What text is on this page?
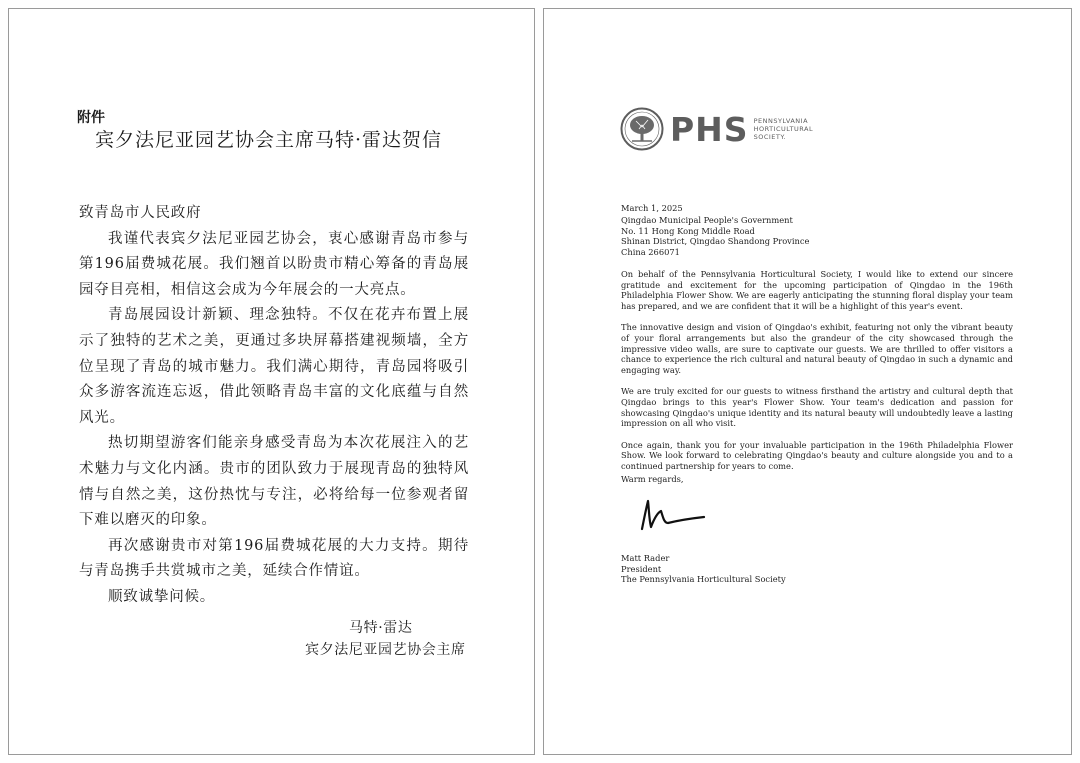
附件
宾夕法尼亚园艺协会主席马特·雷达贺信

致青岛市人民政府

我谨代表宾夕法尼亚园艺协会，衷心感谢青岛市参与第196届费城花展。我们翘首以盼贵市精心筹备的青岛展园夺目亮相，相信这会成为今年展会的一大亮点。

青岛展园设计新颖、理念独特。不仅在花卉布置上展示了独特的艺术之美，更通过多块屏幕搭建视频墙，全方位呈现了青岛的城市魅力。我们满心期待，青岛园将吸引众多游客流连忘返，借此领略青岛丰富的文化底蕴与自然风光。

热切期望游客们能亲身感受青岛为本次花展注入的艺术魅力与文化内涵。贵市的团队致力于展现青岛的独特风情与自然之美，这份热忱与专注，必将给每一位参观者留下难以磨灭的印象。

再次感谢贵市对第196届费城花展的大力支持。期待与青岛携手共赏城市之美，延续合作情谊。

顺致诚挚问候。

马特·雷达
宾夕法尼亚园艺协会主席
PHS PENNSYLVANIA
HORTICULTURAL
SOCIETY.
March 1, 2025
Qingdao Municipal People's Government
No. 11 Hong Kong Middle Road
Shinan District, Qingdao Shandong Province
China 266071

On behalf of the Pennsylvania Horticultural Society, I would like to extend our sincere gratitude and excitement for the upcoming participation of Qingdao in the 196th Philadelphia Flower Show. We are eagerly anticipating the stunning floral display your team has prepared, and we are confident that it will be a highlight of this year's event.

The innovative design and vision of Qingdao's exhibit, featuring not only the vibrant beauty of your floral arrangements but also the grandeur of the city showcased through the impressive video walls, are sure to captivate our guests. We are thrilled to offer visitors a chance to experience the rich cultural and natural beauty of Qingdao in such a dynamic and engaging way.

We are truly excited for our guests to witness firsthand the artistry and cultural depth that Qingdao brings to this year's Flower Show. Your team's dedication and passion for showcasing Qingdao's unique identity and its natural beauty will undoubtedly leave a lasting impression on all who visit.

Once again, thank you for your invaluable participation in the 196th Philadelphia Flower Show. We look forward to celebrating Qingdao's beauty and culture alongside you and to a continued partnership for years to come.

Warm regards,
Matt Rader
President
The Pennsylvania Horticultural Society
